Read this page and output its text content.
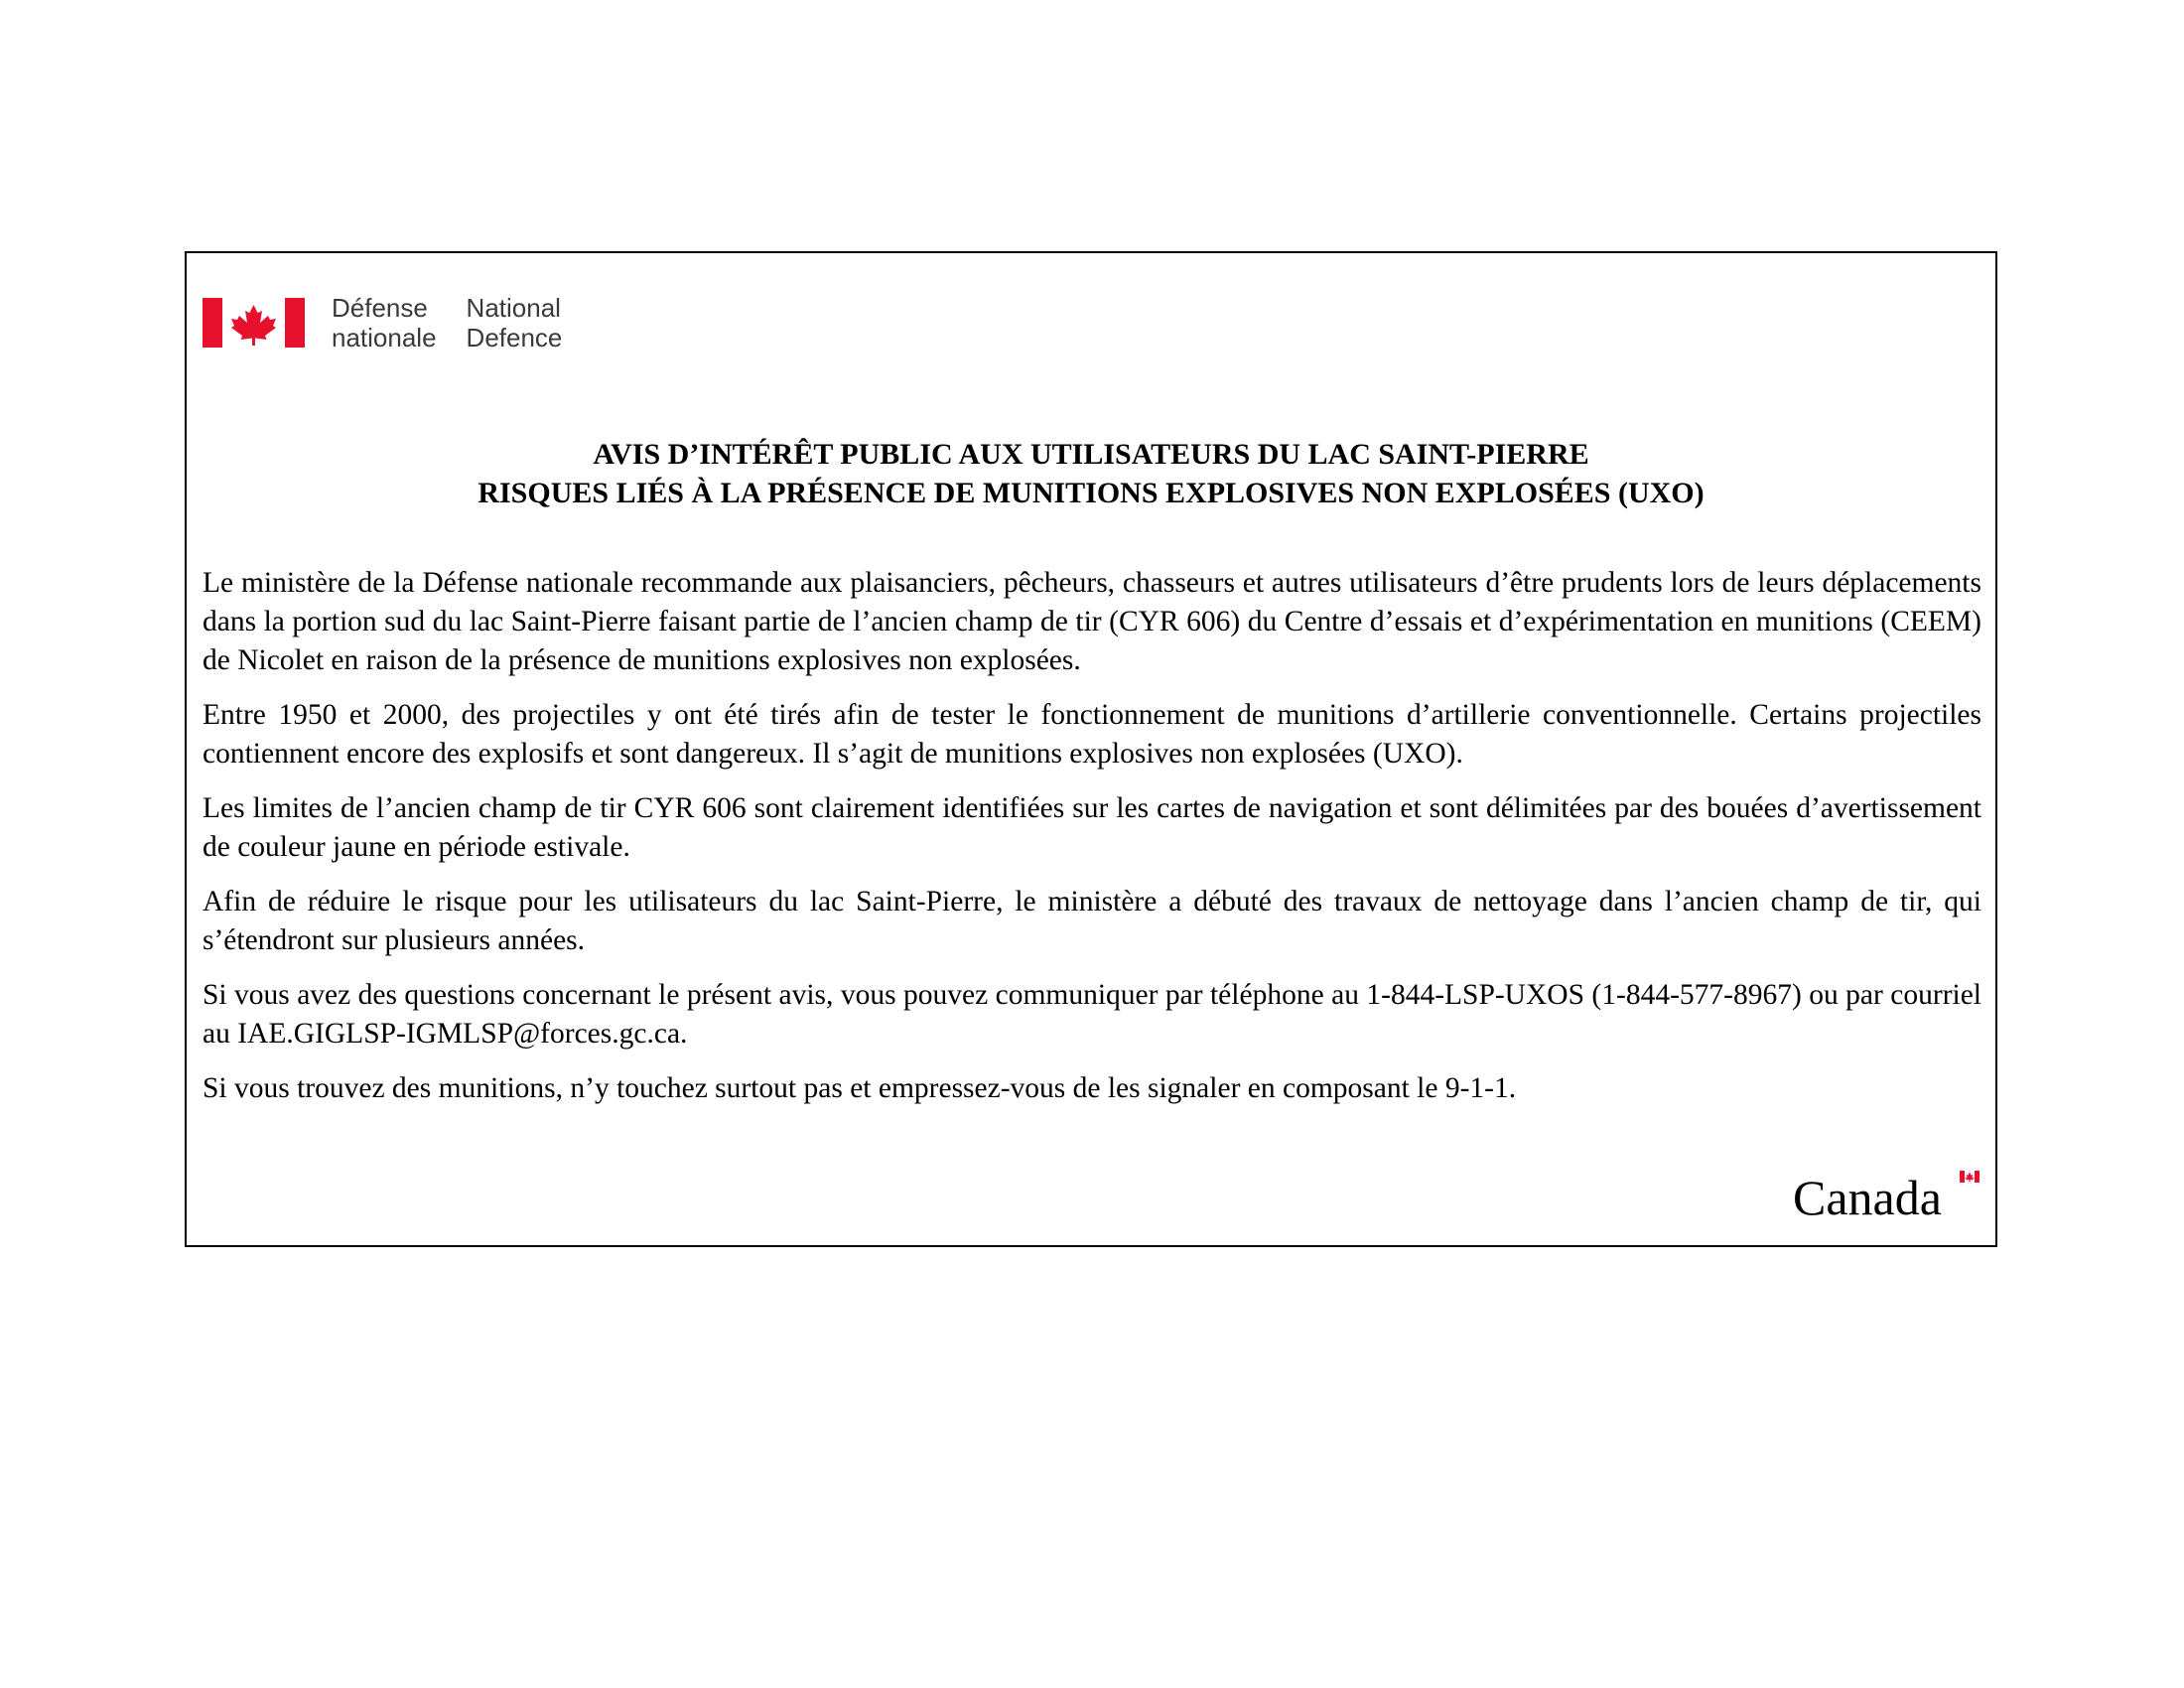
Défense
nationale
National
Defence
AVIS D’INTÉRÊT PUBLIC AUX UTILISATEURS DU LAC SAINT-PIERRE
RISQUES LIÉS À LA PRÉSENCE DE MUNITIONS EXPLOSIVES NON EXPLOSÉES (UXO)

Le ministère de la Défense nationale recommande aux plaisanciers, pêcheurs, chasseurs et autres utilisateurs d’être prudents lors de leurs déplacements dans la portion sud du lac Saint-Pierre faisant partie de l’ancien champ de tir (CYR 606) du Centre d’essais et d’expérimentation en munitions (CEEM) de Nicolet en raison de la présence de munitions explosives non explosées.

Entre 1950 et 2000, des projectiles y ont été tirés afin de tester le fonctionnement de munitions d’artillerie conventionnelle. Certains projectiles contiennent encore des explosifs et sont dangereux. Il s’agit de munitions explosives non explosées (UXO).

Les limites de l’ancien champ de tir CYR 606 sont clairement identifiées sur les cartes de navigation et sont délimitées par des bouées d’avertissement de couleur jaune en période estivale.

Afin de réduire le risque pour les utilisateurs du lac Saint-Pierre, le ministère a débuté des travaux de nettoyage dans l’ancien champ de tir, qui s’étendront sur plusieurs années.

Si vous avez des questions concernant le présent avis, vous pouvez communiquer par téléphone au 1-844-LSP-UXOS (1-844-577-8967) ou par courriel au IAE.GIGLSP-IGMLSP@forces.gc.ca.

Si vous trouvez des munitions, n’y touchez surtout pas et empressez-vous de les signaler en composant le 9-1-1.

Canada
